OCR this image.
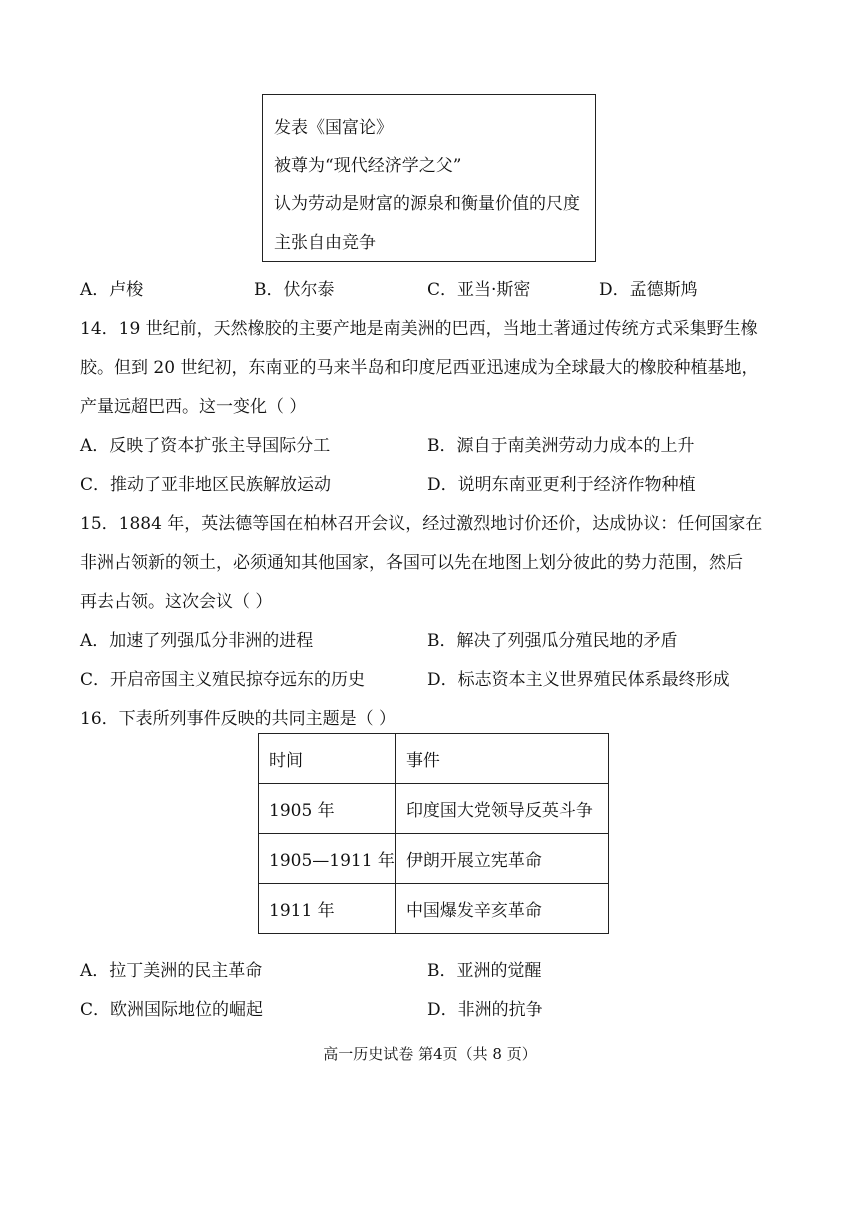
发表《国富论》
被尊为“现代经济学之父”
认为劳动是财富的源泉和衡量价值的尺度
主张自由竞争
A．卢梭	B．伏尔泰	C．亚当·斯密	D．孟德斯鸠
14．19 世纪前，天然橡胶的主要产地是南美洲的巴西，当地土著通过传统方式采集野生橡
胶。但到 20 世纪初，东南亚的马来半岛和印度尼西亚迅速成为全球最大的橡胶种植基地，
产量远超巴西。这一变化（ ）
A．反映了资本扩张主导国际分工	B．源自于南美洲劳动力成本的上升
C．推动了亚非地区民族解放运动	D．说明东南亚更利于经济作物种植
15．1884 年，英法德等国在柏林召开会议，经过激烈地讨价还价，达成协议：任何国家在
非洲占领新的领土，必须通知其他国家，各国可以先在地图上划分彼此的势力范围，然后
再去占领。这次会议（ ）
A．加速了列强瓜分非洲的进程	B．解决了列强瓜分殖民地的矛盾
C．开启帝国主义殖民掠夺远东的历史	D．标志资本主义世界殖民体系最终形成
16．下表所列事件反映的共同主题是（ ）
时间	事件
1905 年	印度国大党领导反英斗争
1905—1911 年	伊朗开展立宪革命
1911 年	中国爆发辛亥革命
A．拉丁美洲的民主革命	B．亚洲的觉醒
C．欧洲国际地位的崛起	D．非洲的抗争
高一历史试卷 第4页（共 8 页）
